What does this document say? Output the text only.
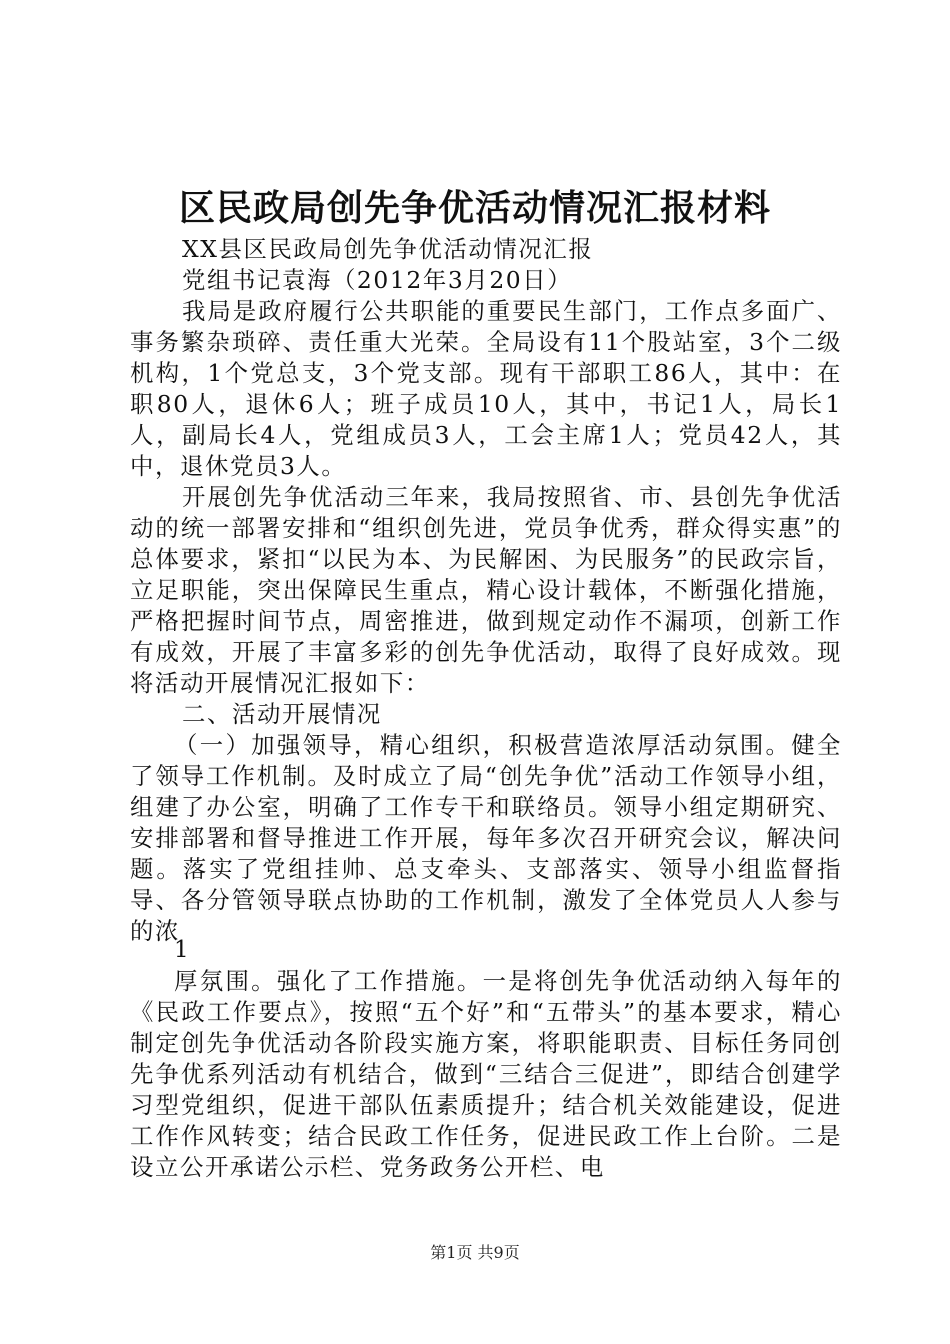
区民政局创先争优活动情况汇报材料

XX县区民政局创先争优活动情况汇报

党组书记袁海（2012年3月20日）

我局是政府履行公共职能的重要民生部门，工作点多面广、事务繁杂琐碎、责任重大光荣。全局设有11个股站室，3个二级机构，1个党总支，3个党支部。现有干部职工86人，其中：在职80人，退休6人；班子成员10人，其中，书记1人，局长1人，副局长4人，党组成员3人，工会主席1人；党员42人，其中，退休党员3人。

开展创先争优活动三年来，我局按照省、市、县创先争优活动的统一部署安排和“组织创先进，党员争优秀，群众得实惠”的总体要求，紧扣“以民为本、为民解困、为民服务”的民政宗旨，立足职能，突出保障民生重点，精心设计载体，不断强化措施，严格把握时间节点，周密推进，做到规定动作不漏项，创新工作有成效，开展了丰富多彩的创先争优活动，取得了良好成效。现将活动开展情况汇报如下：

二、活动开展情况

（一）加强领导，精心组织，积极营造浓厚活动氛围。健全了领导工作机制。及时成立了局“创先争优”活动工作领导小组，组建了办公室，明确了工作专干和联络员。领导小组定期研究、安排部署和督导推进工作开展，每年多次召开研究会议，解决问题。落实了党组挂帅、总支牵头、支部落实、领导小组监督指导、各分管领导联点协助的工作机制，激发了全体党员人人参与的浓

1

厚氛围。强化了工作措施。一是将创先争优活动纳入每年的《民政工作要点》，按照“五个好”和“五带头”的基本要求，精心制定创先争优活动各阶段实施方案，将职能职责、目标任务同创先争优系列活动有机结合，做到“三结合三促进”，即结合创建学习型党组织，促进干部队伍素质提升；结合机关效能建设，促进工作作风转变；结合民政工作任务，促进民政工作上台阶。二是设立公开承诺公示栏、党务政务公开栏、电

第1页 共9页
